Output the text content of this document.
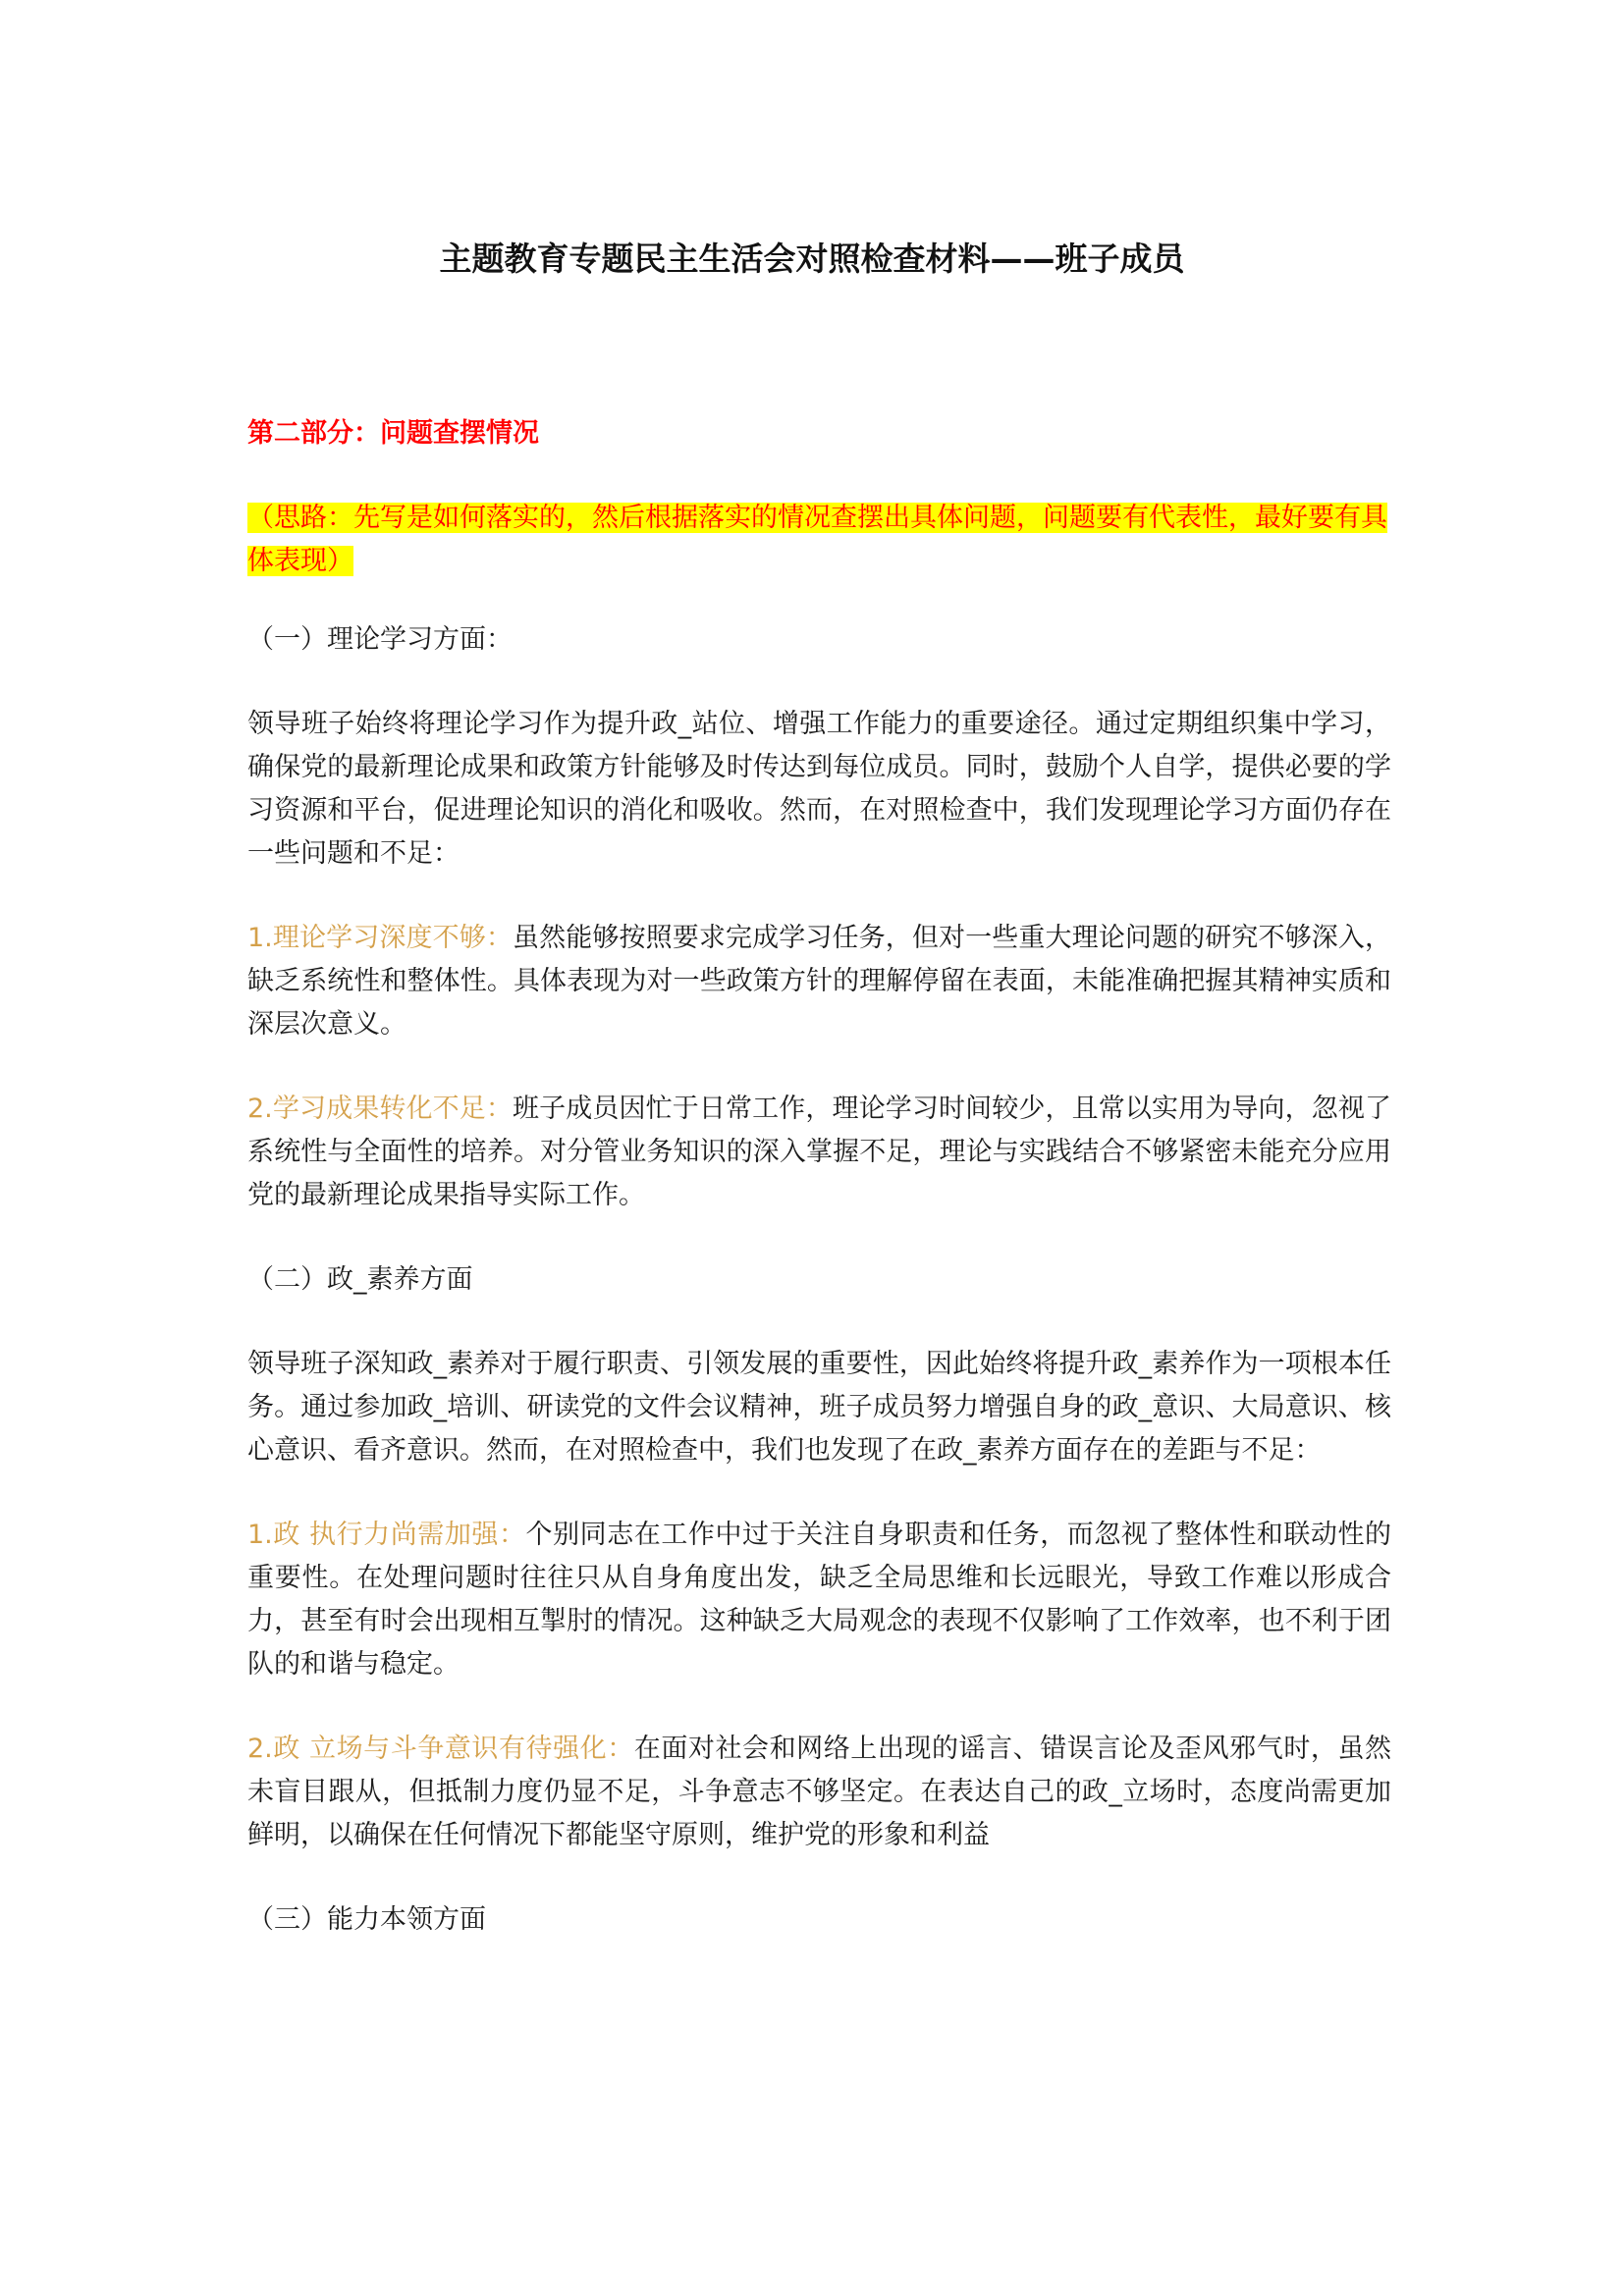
主题教育专题民主生活会对照检查材料——班子成员

第二部分：问题查摆情况

（思路：先写是如何落实的，然后根据落实的情况查摆出具体问题，问题要有代表性，最好要有具体表现）

（一）理论学习方面：

领导班子始终将理论学习作为提升政_站位、增强工作能力的重要途径。通过定期组织集中学习，确保党的最新理论成果和政策方针能够及时传达到每位成员。同时，鼓励个人自学，提供必要的学习资源和平台，促进理论知识的消化和吸收。然而，在对照检查中，我们发现理论学习方面仍存在一些问题和不足：

1.理论学习深度不够：虽然能够按照要求完成学习任务，但对一些重大理论问题的研究不够深入，缺乏系统性和整体性。具体表现为对一些政策方针的理解停留在表面，未能准确把握其精神实质和深层次意义。

2.学习成果转化不足：班子成员因忙于日常工作，理论学习时间较少，且常以实用为导向，忽视了系统性与全面性的培养。对分管业务知识的深入掌握不足，理论与实践结合不够紧密未能充分应用党的最新理论成果指导实际工作。

（二）政_素养方面

领导班子深知政_素养对于履行职责、引领发展的重要性，因此始终将提升政_素养作为一项根本任务。通过参加政_培训、研读党的文件会议精神，班子成员努力增强自身的政_意识、大局意识、核心意识、看齐意识。然而，在对照检查中，我们也发现了在政_素养方面存在的差距与不足：

1.政 执行力尚需加强：个别同志在工作中过于关注自身职责和任务，而忽视了整体性和联动性的重要性。在处理问题时往往只从自身角度出发，缺乏全局思维和长远眼光，导致工作难以形成合力，甚至有时会出现相互掣肘的情况。这种缺乏大局观念的表现不仅影响了工作效率，也不利于团队的和谐与稳定。

2.政 立场与斗争意识有待强化：在面对社会和网络上出现的谣言、错误言论及歪风邪气时，虽然未盲目跟从，但抵制力度仍显不足，斗争意志不够坚定。在表达自己的政_立场时，态度尚需更加鲜明，以确保在任何情况下都能坚守原则，维护党的形象和利益

（三）能力本领方面
